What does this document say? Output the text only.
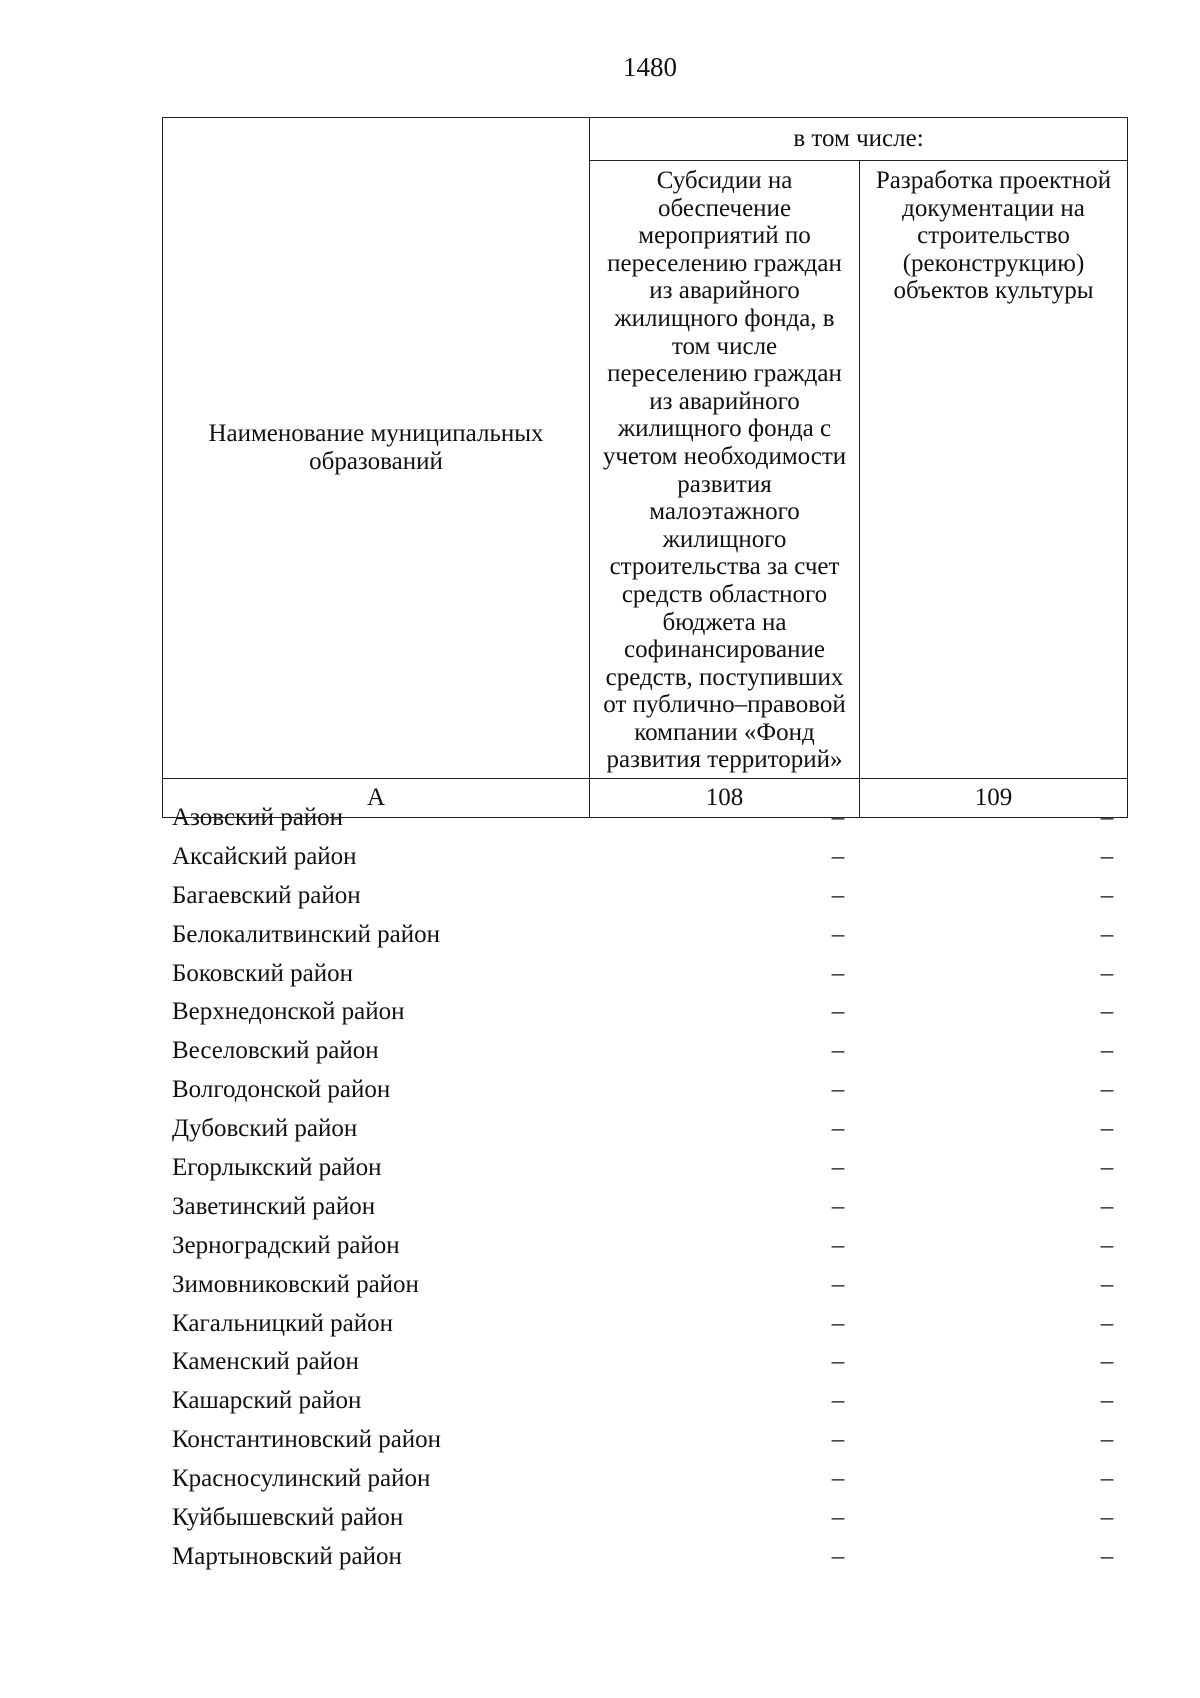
1480
Наименование муниципальных образований	в том числе:	
	Субсидии на обеспечение мероприятий по переселению граждан из аварийного жилищного фонда, в том числе переселению граждан из аварийного жилищного фонда с учетом необходимости развития малоэтажного жилищного строительства за счет средств областного бюджета на софинансирование средств, поступивших от публично–правовой компании «Фонд развития территорий»	Разработка проектной документации на строительство (реконструкцию) объектов культуры
А	108	109
Азовский район	–	–
Аксайский район	–	–
Багаевский район	–	–
Белокалитвинский район	–	–
Боковский район	–	–
Верхнедонской район	–	–
Веселовский район	–	–
Волгодонской район	–	–
Дубовский район	–	–
Егорлыкский район	–	–
Заветинский район	–	–
Зерноградский район	–	–
Зимовниковский район	–	–
Кагальницкий район	–	–
Каменский район	–	–
Кашарский район	–	–
Константиновский район	–	–
Красносулинский район	–	–
Куйбышевский район	–	–
Мартыновский район	–	–
